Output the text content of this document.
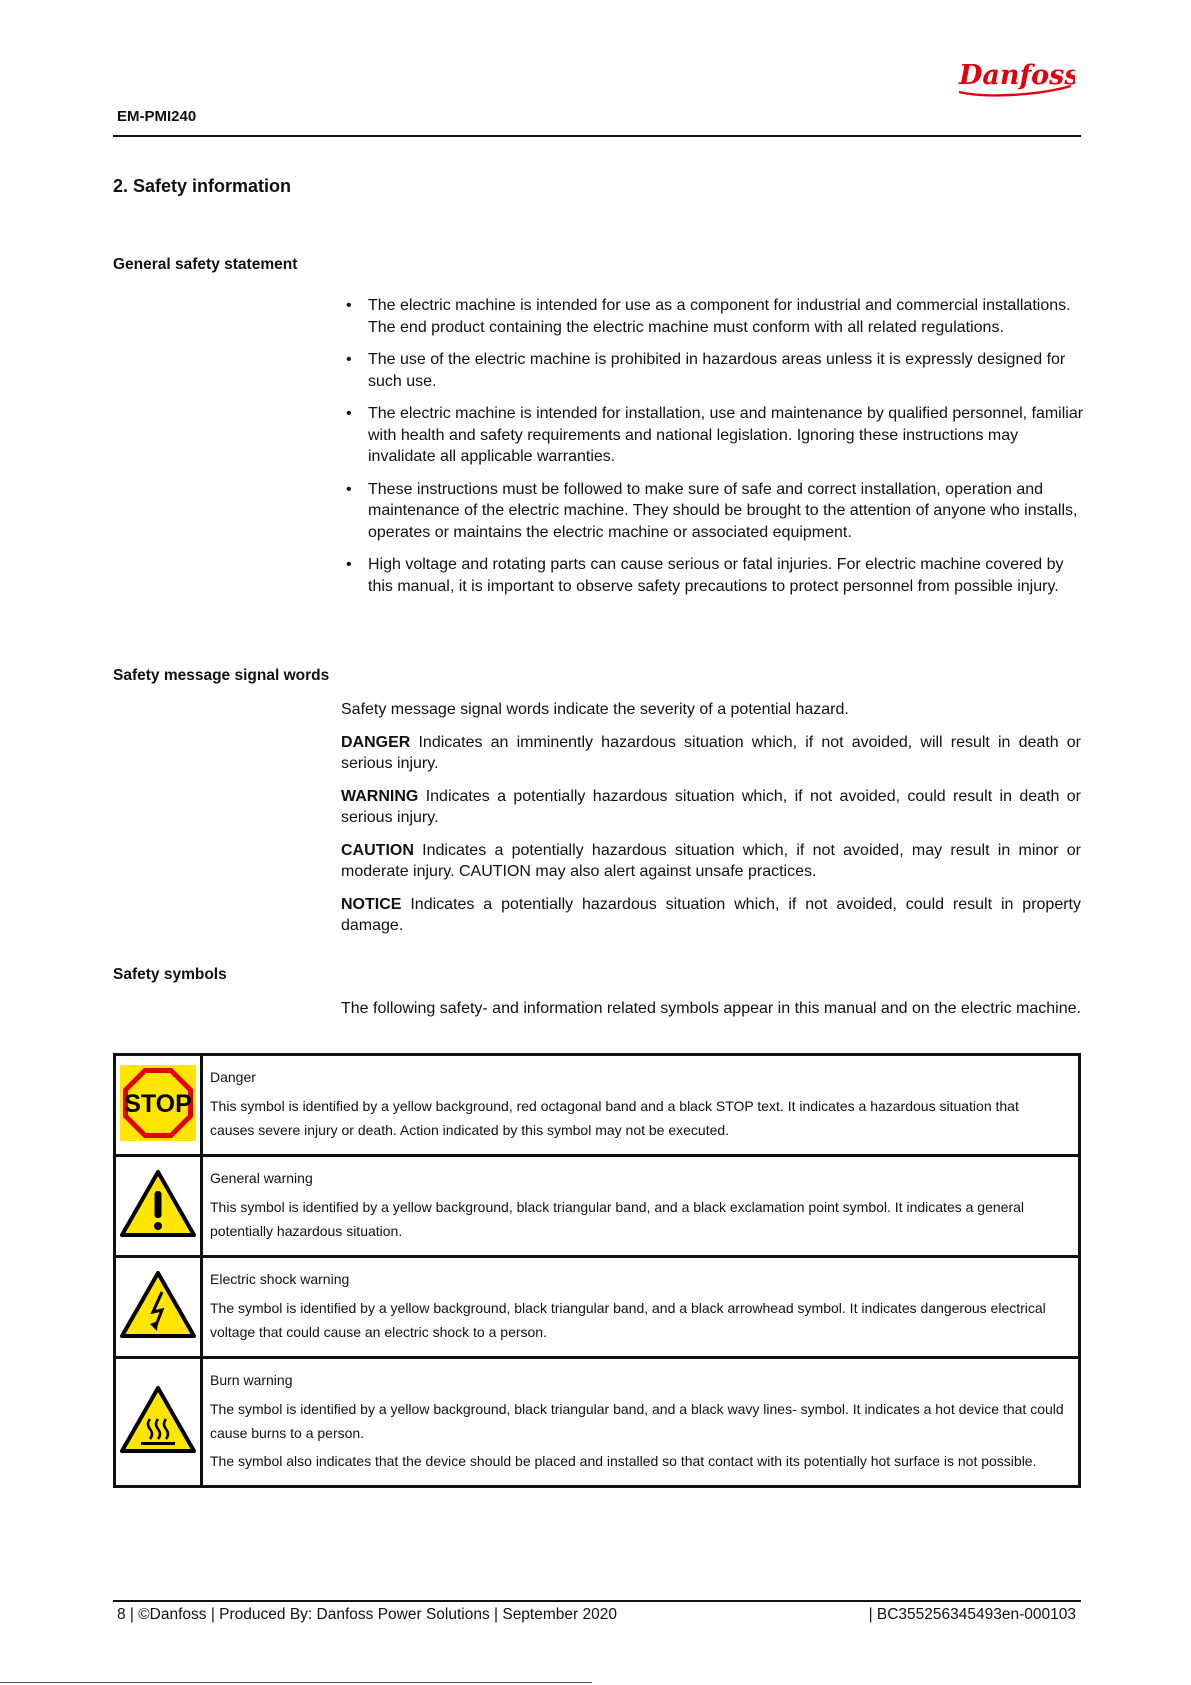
Danfoss
EM-PMI240
2. Safety information
General safety statement
• The electric machine is intended for use as a component for industrial and commercial installations. The end product containing the electric machine must conform with all related regulations.
• The use of the electric machine is prohibited in hazardous areas unless it is expressly designed for such use.
• The electric machine is intended for installation, use and maintenance by qualified personnel, familiar with health and safety requirements and national legislation. Ignoring these instructions may invalidate all applicable warranties.
• These instructions must be followed to make sure of safe and correct installation, operation and maintenance of the electric machine. They should be brought to the attention of anyone who installs, operates or maintains the electric machine or associated equipment.
• High voltage and rotating parts can cause serious or fatal injuries. For electric machine covered by this manual, it is important to observe safety precautions to protect personnel from possible injury.
Safety message signal words

Safety message signal words indicate the severity of a potential hazard.

DANGER Indicates an imminently hazardous situation which, if not avoided, will result in death or serious injury.

WARNING Indicates a potentially hazardous situation which, if not avoided, could result in death or serious injury.

CAUTION Indicates a potentially hazardous situation which, if not avoided, may result in minor or moderate injury. CAUTION may also alert against unsafe practices.

NOTICE Indicates a potentially hazardous situation which, if not avoided, could result in property damage.

Safety symbols
The following safety- and information related symbols appear in this manual and on the electric machine.
STOP	Danger
This symbol is identified by a yellow background, red octagonal band and a black STOP text. It indicates a hazardous situation that causes severe injury or death. Action indicated by this symbol may not be executed.

General warning
This symbol is identified by a yellow background, black triangular band, and a black exclamation point symbol. It indicates a general potentially hazardous situation.

Electric shock warning
The symbol is identified by a yellow background, black triangular band, and a black arrowhead symbol. It indicates dangerous electrical voltage that could cause an electric shock to a person.

Burn warning
The symbol is identified by a yellow background, black triangular band, and a black wavy lines- symbol. It indicates a hot device that could cause burns to a person.
The symbol also indicates that the device should be placed and installed so that contact with its potentially hot surface is not possible.
8 | ©Danfoss | Produced By: Danfoss Power Solutions | September 2020	| BC355256345493en-000103
